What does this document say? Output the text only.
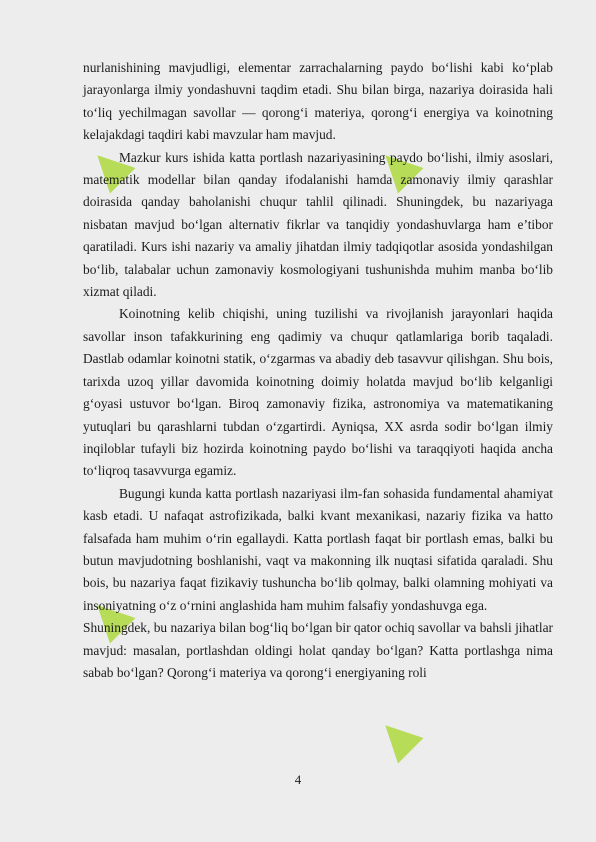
nurlanishining mavjudligi, elementar zarrachalarning paydo bo‘lishi kabi ko‘plab jarayonlarga ilmiy yondashuvni taqdim etadi. Shu bilan birga, nazariya doirasida hali to‘liq yechilmagan savollar — qorong‘i materiya, qorong‘i energiya va koinotning kelajakdagi taqdiri kabi mavzular ham mavjud.

Mazkur kurs ishida katta portlash nazariyasining paydo bo‘lishi, ilmiy asoslari, matematik modellar bilan qanday ifodalanishi hamda zamonaviy ilmiy qarashlar doirasida qanday baholanishi chuqur tahlil qilinadi. Shuningdek, bu nazariyaga nisbatan mavjud bo‘lgan alternativ fikrlar va tanqidiy yondashuvlarga ham e’tibor qaratiladi. Kurs ishi nazariy va amaliy jihatdan ilmiy tadqiqotlar asosida yondashilgan bo‘lib, talabalar uchun zamonaviy kosmologiyani tushunishda muhim manba bo‘lib xizmat qiladi.

Koinotning kelib chiqishi, uning tuzilishi va rivojlanish jarayonlari haqida savollar inson tafakkurining eng qadimiy va chuqur qatlamlariga borib taqaladi. Dastlab odamlar koinotni statik, o‘zgarmas va abadiy deb tasavvur qilishgan. Shu bois, tarixda uzoq yillar davomida koinotning doimiy holatda mavjud bo‘lib kelganligi g‘oyasi ustuvor bo‘lgan. Biroq zamonaviy fizika, astronomiya va matematikaning yutuqlari bu qarashlarni tubdan o‘zgartirdi. Ayniqsa, XX asrda sodir bo‘lgan ilmiy inqiloblar tufayli biz hozirda koinotning paydo bo‘lishi va taraqqiyoti haqida ancha to‘liqroq tasavvurga egamiz.

Bugungi kunda katta portlash nazariyasi ilm-fan sohasida fundamental ahamiyat kasb etadi. U nafaqat astrofizikada, balki kvant mexanikasi, nazariy fizika va hatto falsafada ham muhim o‘rin egallaydi. Katta portlash faqat bir portlash emas, balki bu butun mavjudotning boshlanishi, vaqt va makonning ilk nuqtasi sifatida qaraladi. Shu bois, bu nazariya faqat fizikaviy tushuncha bo‘lib qolmay, balki olamning mohiyati va insoniyatning o‘z o‘rnini anglashida ham muhim falsafiy yondashuvga ega.

Shuningdek, bu nazariya bilan bog‘liq bo‘lgan bir qator ochiq savollar va bahsli jihatlar mavjud: masalan, portlashdan oldingi holat qanday bo‘lgan? Katta portlashga nima sabab bo‘lgan? Qorong‘i materiya va qorong‘i energiyaning roli

4
